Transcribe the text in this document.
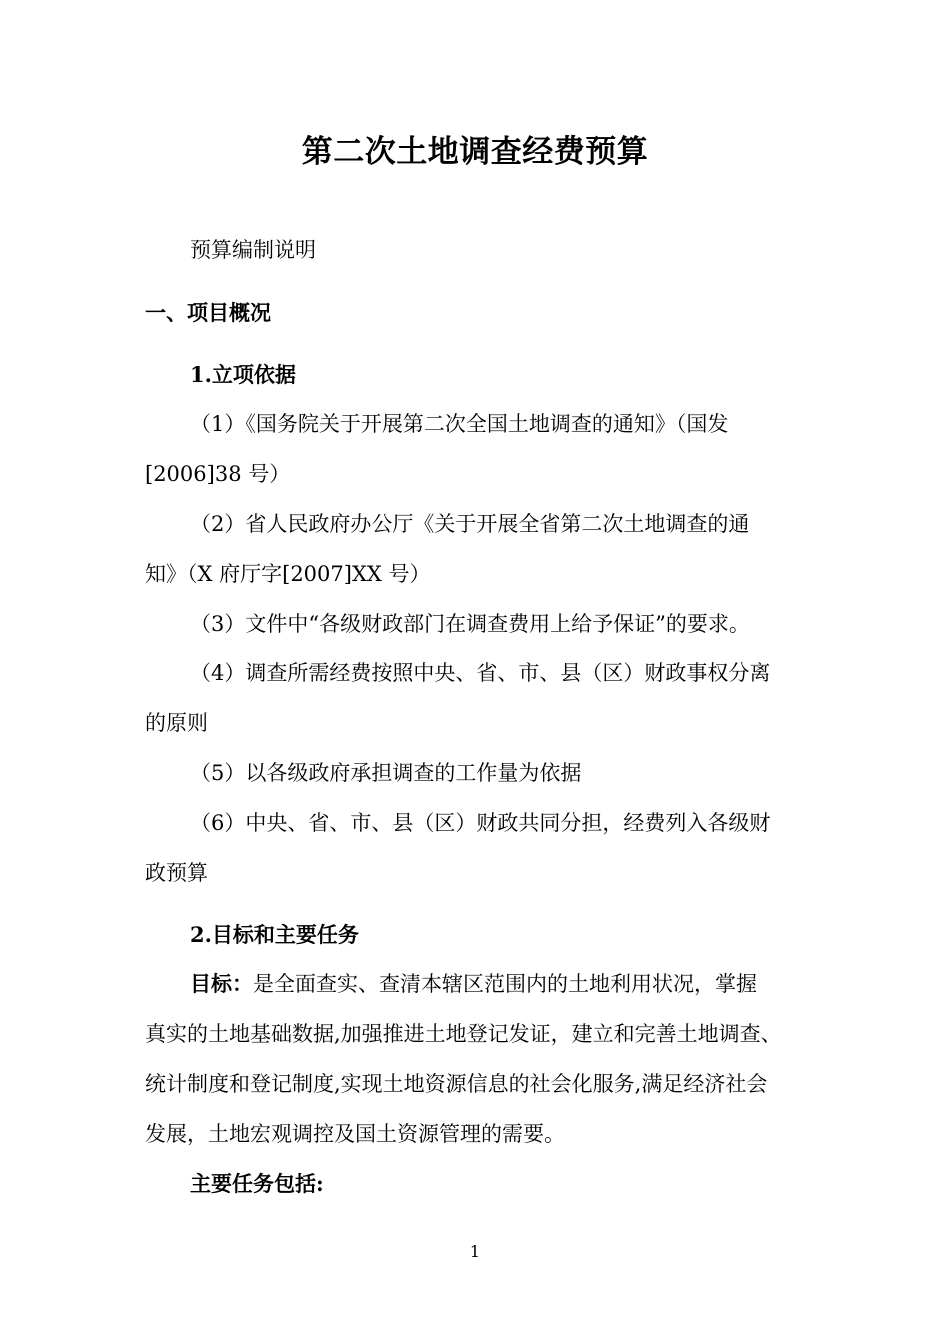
第二次土地调查经费预算
预算编制说明
一、项目概况
1.立项依据
（1）《国务院关于开展第二次全国土地调查的通知》（国发
[2006]38 号）
（2）省人民政府办公厅《关于开展全省第二次土地调查的通
知》（X 府厅字[2007]XX 号）
（3）文件中“各级财政部门在调查费用上给予保证”的要求。
（4）调查所需经费按照中央、省、市、县（区）财政事权分离
的原则
（5）以各级政府承担调查的工作量为依据
（6）中央、省、市、县（区）财政共同分担，经费列入各级财
政预算
2.目标和主要任务
目标：是全面查实、查清本辖区范围内的土地利用状况，掌握
真实的土地基础数据,加强推进土地登记发证，建立和完善土地调查、
统计制度和登记制度,实现土地资源信息的社会化服务,满足经济社会
发展，土地宏观调控及国土资源管理的需要。
主要任务包括:
1
